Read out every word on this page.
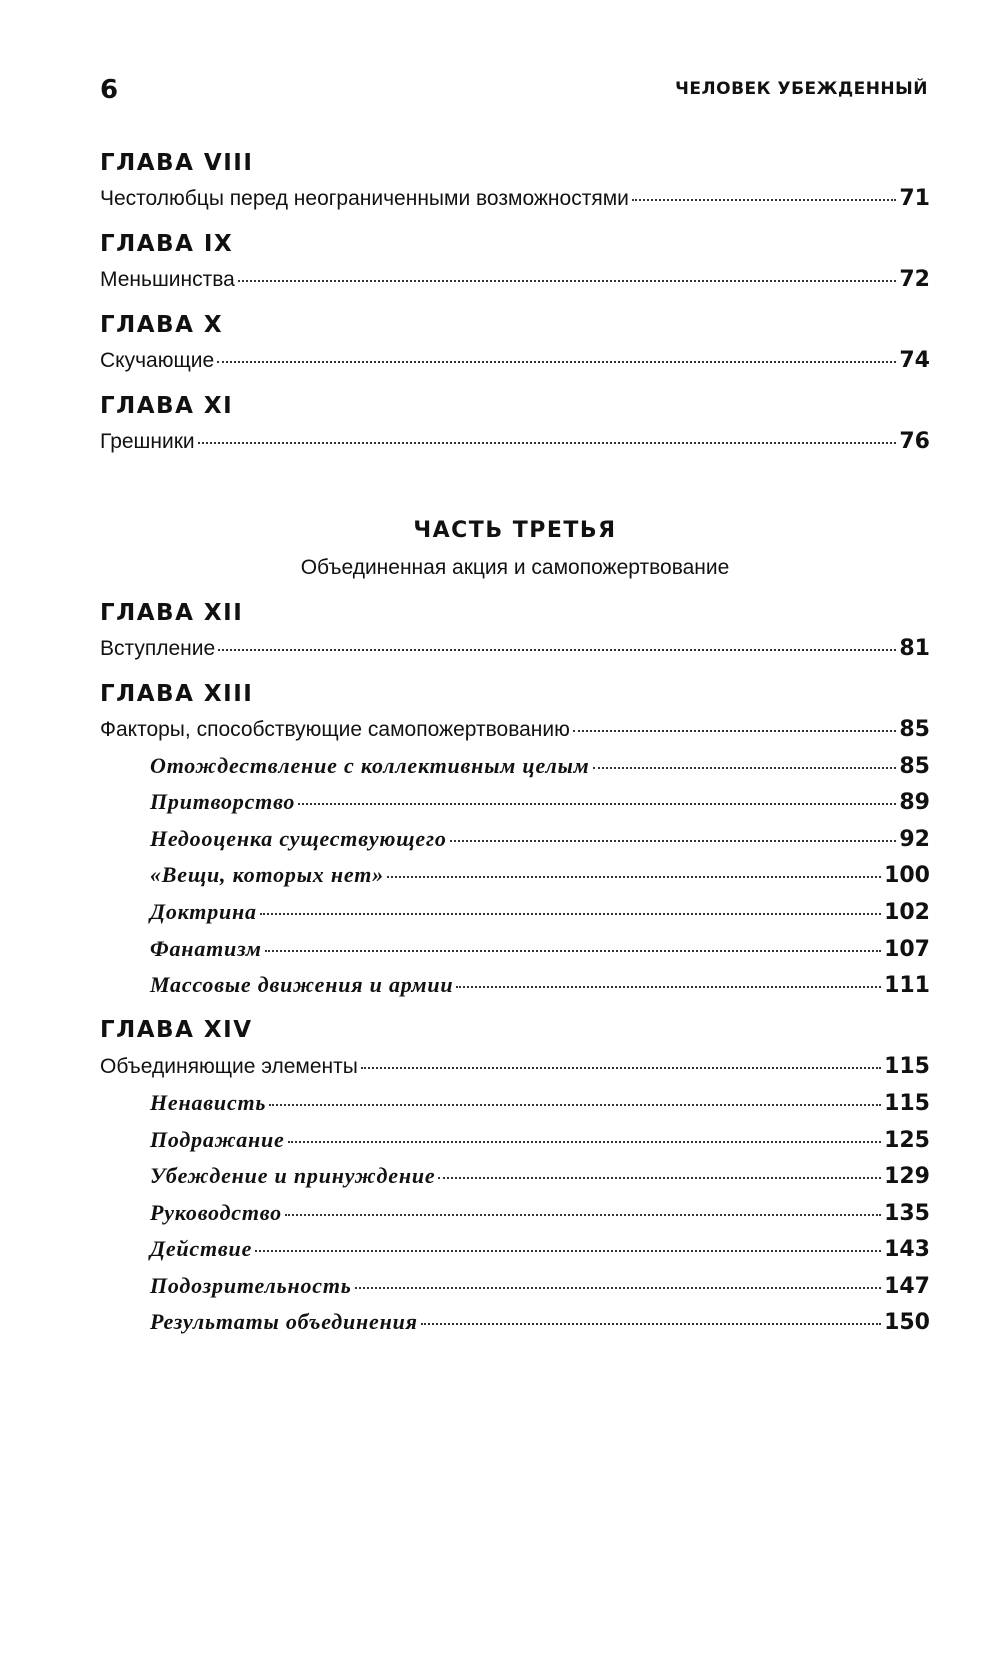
6	ЧЕЛОВЕК УБЕЖДЕННЫЙ
ГЛАВА VIII
Честолюбцы перед неограниченными возможностями	71
ГЛАВА IX
Меньшинства	72
ГЛАВА X
Скучающие	74
ГЛАВА XI
Грешники	76
ЧАСТЬ ТРЕТЬЯ
Объединенная акция и самопожертвование
ГЛАВА XII
Вступление	81
ГЛАВА XIII
Факторы, способствующие самопожертвованию	85
Отождествление с коллективным целым	85
Притворство	89
Недооценка существующего	92
«Вещи, которых нет»	100
Доктрина	102
Фанатизм	107
Массовые движения и армии	111
ГЛАВА XIV
Объединяющие элементы	115
Ненависть	115
Подражание	125
Убеждение и принуждение	129
Руководство	135
Действие	143
Подозрительность	147
Результаты объединения	150
